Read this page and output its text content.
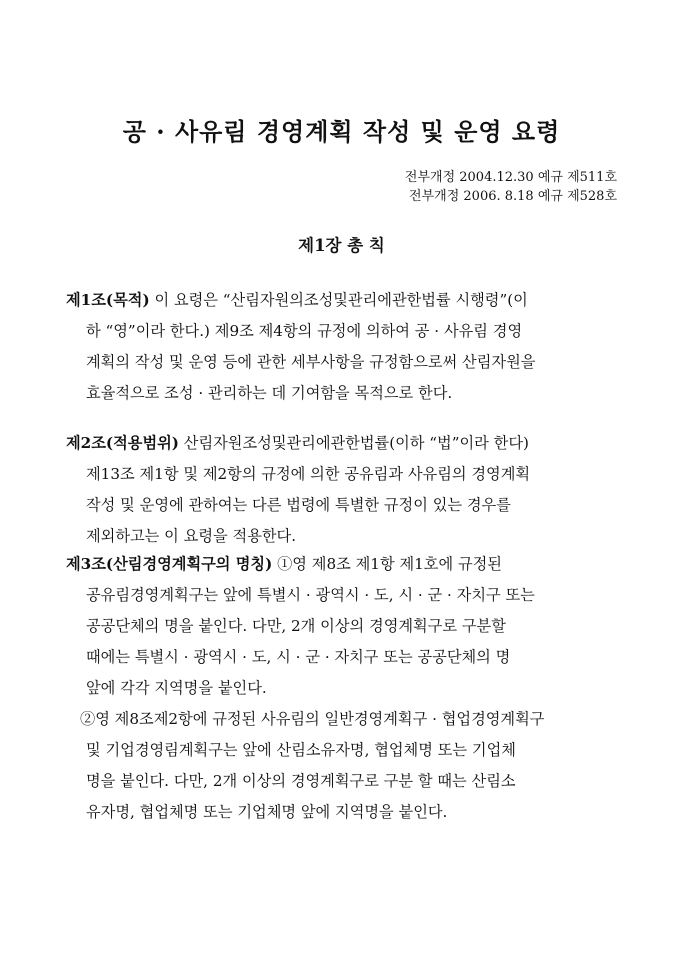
공 · 사유림 경영계획 작성 및 운영 요령
전부개정 2004.12.30 예규 제511호
전부개정 2006. 8.18 예규 제528호
제1장 총 칙
제1조(목적) 이 요령은 “산림자원의조성및관리에관한법률 시행령”(이
하 “영”이라 한다.) 제9조 제4항의 규정에 의하여 공 · 사유림 경영
계획의 작성 및 운영 등에 관한 세부사항을 규정함으로써 산림자원을
효율적으로 조성 · 관리하는 데 기여함을 목적으로 한다.
제2조(적용범위) 산림자원조성및관리에관한법률(이하 “법”이라 한다)
제13조 제1항 및 제2항의 규정에 의한 공유림과 사유림의 경영계획
작성 및 운영에 관하여는 다른 법령에 특별한 규정이 있는 경우를
제외하고는 이 요령을 적용한다.
제3조(산림경영계획구의 명칭) ①영 제8조 제1항 제1호에 규정된
공유림경영계획구는 앞에 특별시 · 광역시 · 도, 시 · 군 · 자치구 또는
공공단체의 명을 붙인다. 다만, 2개 이상의 경영계획구로 구분할
때에는 특별시 · 광역시 · 도, 시 · 군 · 자치구 또는 공공단체의 명
앞에 각각 지역명을 붙인다.
②영 제8조제2항에 규정된 사유림의 일반경영계획구 · 협업경영계획구
및 기업경영림계획구는 앞에 산림소유자명, 협업체명 또는 기업체
명을 붙인다. 다만, 2개 이상의 경영계획구로 구분 할 때는 산림소
유자명, 협업체명 또는 기업체명 앞에 지역명을 붙인다.
